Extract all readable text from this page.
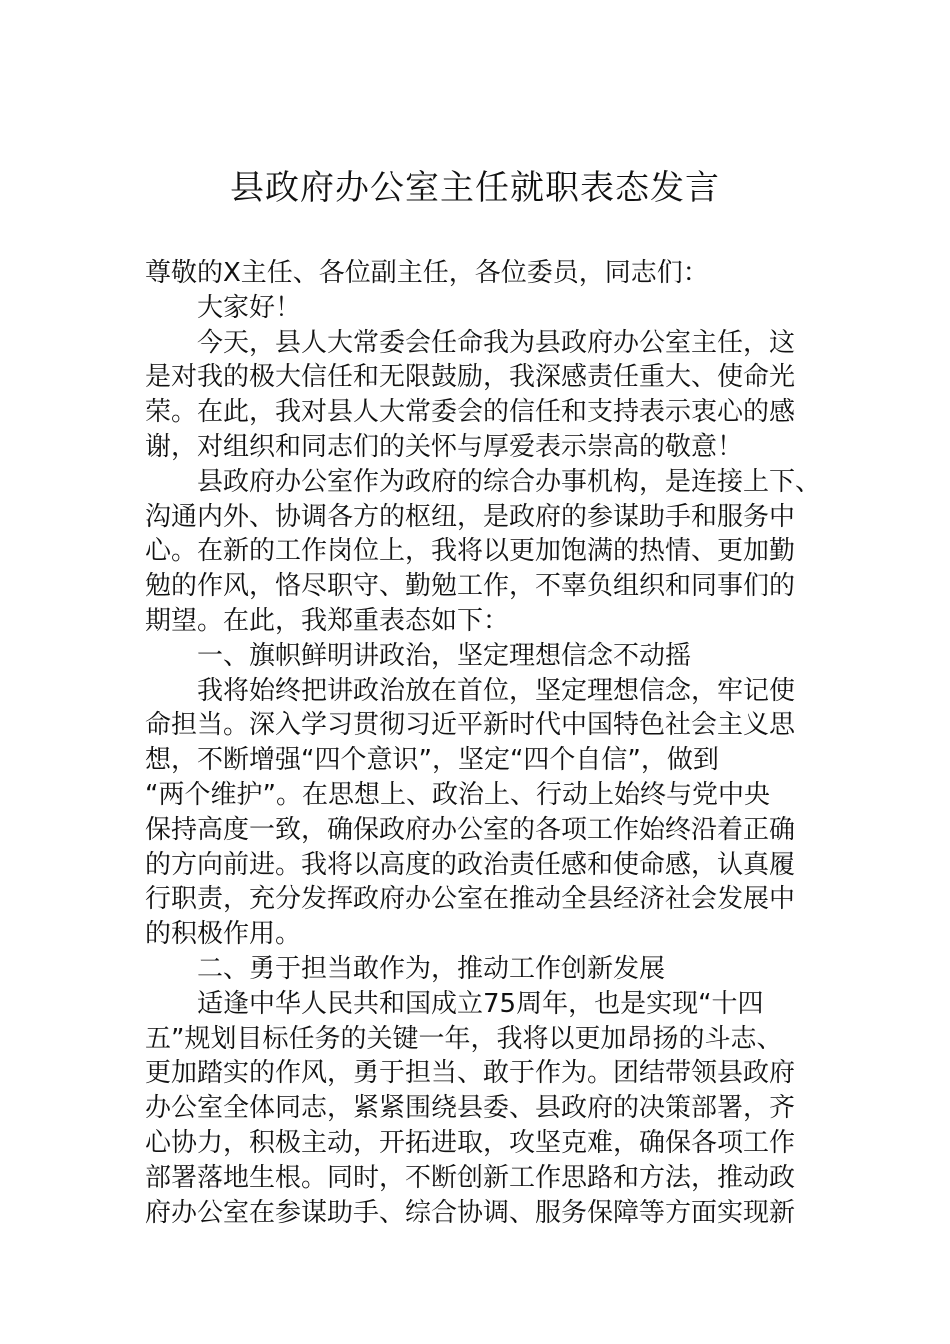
县政府办公室主任就职表态发言
尊敬的X主任、各位副主任，各位委员，同志们：
大家好！
今天，县人大常委会任命我为县政府办公室主任，这
是对我的极大信任和无限鼓励，我深感责任重大、使命光
荣。在此，我对县人大常委会的信任和支持表示衷心的感
谢，对组织和同志们的关怀与厚爱表示崇高的敬意！
县政府办公室作为政府的综合办事机构，是连接上下、
沟通内外、协调各方的枢纽，是政府的参谋助手和服务中
心。在新的工作岗位上，我将以更加饱满的热情、更加勤
勉的作风，恪尽职守、勤勉工作，不辜负组织和同事们的
期望。在此，我郑重表态如下：
一、旗帜鲜明讲政治，坚定理想信念不动摇
我将始终把讲政治放在首位，坚定理想信念，牢记使
命担当。深入学习贯彻习近平新时代中国特色社会主义思
想，不断增强“四个意识”，坚定“四个自信”，做到
“两个维护”。在思想上、政治上、行动上始终与党中央
保持高度一致，确保政府办公室的各项工作始终沿着正确
的方向前进。我将以高度的政治责任感和使命感，认真履
行职责，充分发挥政府办公室在推动全县经济社会发展中
的积极作用。
二、勇于担当敢作为，推动工作创新发展
适逢中华人民共和国成立75周年，也是实现“十四
五”规划目标任务的关键一年，我将以更加昂扬的斗志、
更加踏实的作风，勇于担当、敢于作为。团结带领县政府
办公室全体同志，紧紧围绕县委、县政府的决策部署，齐
心协力，积极主动，开拓进取，攻坚克难，确保各项工作
部署落地生根。同时，不断创新工作思路和方法，推动政
府办公室在参谋助手、综合协调、服务保障等方面实现新
